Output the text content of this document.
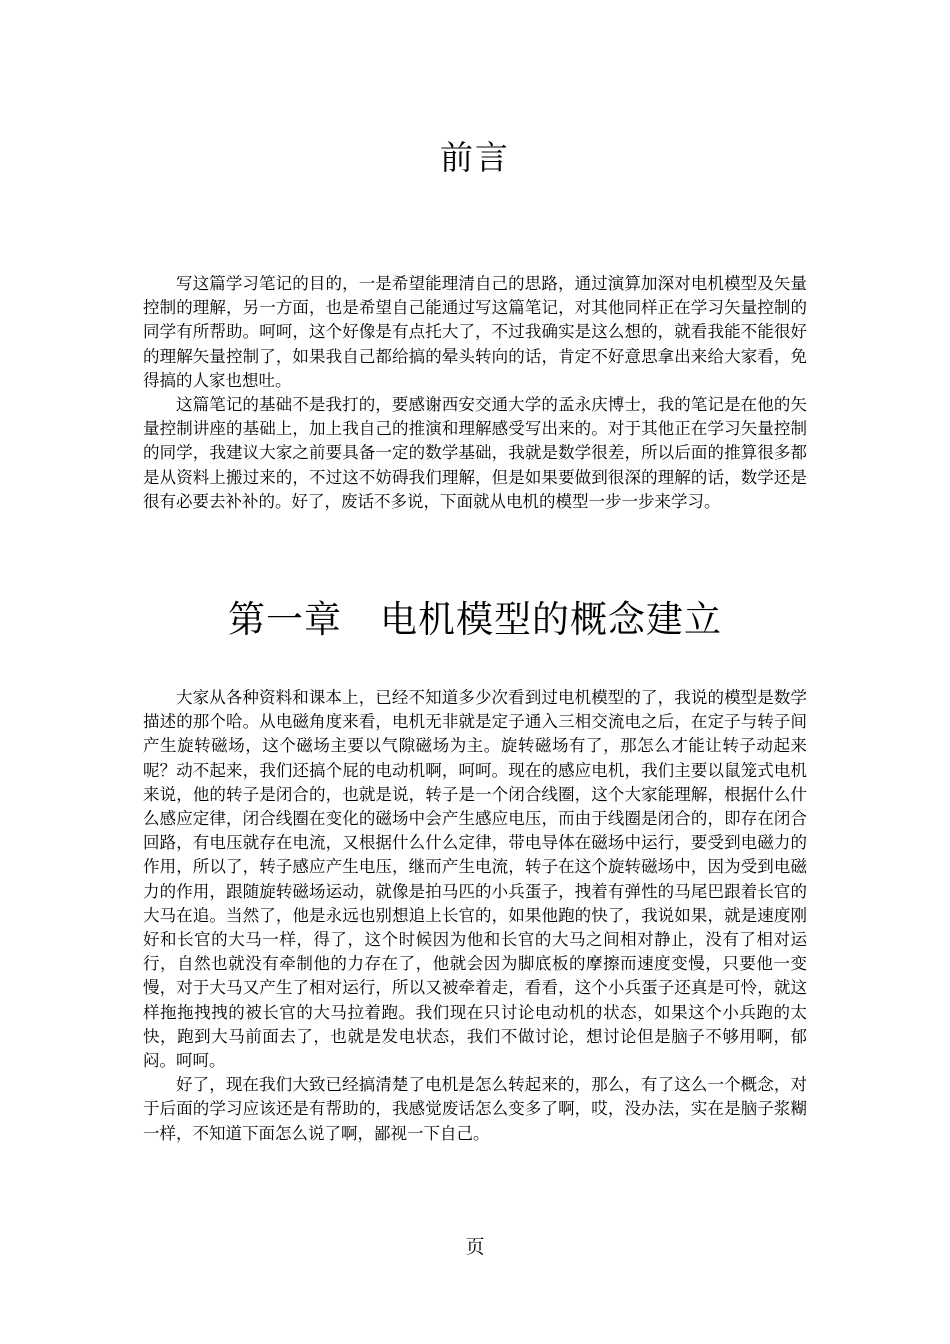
前言

写这篇学习笔记的目的，一是希望能理清自己的思路，通过演算加深对电机模型及矢量控制的理解，另一方面，也是希望自己能通过写这篇笔记，对其他同样正在学习矢量控制的同学有所帮助。呵呵，这个好像是有点托大了，不过我确实是这么想的，就看我能不能很好的理解矢量控制了，如果我自己都给搞的晕头转向的话，肯定不好意思拿出来给大家看，免得搞的人家也想吐。

这篇笔记的基础不是我打的，要感谢西安交通大学的孟永庆博士，我的笔记是在他的矢量控制讲座的基础上，加上我自己的推演和理解感受写出来的。对于其他正在学习矢量控制的同学，我建议大家之前要具备一定的数学基础，我就是数学很差，所以后面的推算很多都是从资料上搬过来的，不过这不妨碍我们理解，但是如果要做到很深的理解的话，数学还是很有必要去补补的。好了，废话不多说，下面就从电机的模型一步一步来学习。

第一章　电机模型的概念建立

大家从各种资料和课本上，已经不知道多少次看到过电机模型的了，我说的模型是数学描述的那个哈。从电磁角度来看，电机无非就是定子通入三相交流电之后，在定子与转子间产生旋转磁场，这个磁场主要以气隙磁场为主。旋转磁场有了，那怎么才能让转子动起来呢？动不起来，我们还搞个屁的电动机啊，呵呵。现在的感应电机，我们主要以鼠笼式电机来说，他的转子是闭合的，也就是说，转子是一个闭合线圈，这个大家能理解，根据什么什么感应定律，闭合线圈在变化的磁场中会产生感应电压，而由于线圈是闭合的，即存在闭合回路，有电压就存在电流，又根据什么什么定律，带电导体在磁场中运行，要受到电磁力的作用，所以了，转子感应产生电压，继而产生电流，转子在这个旋转磁场中，因为受到电磁力的作用，跟随旋转磁场运动，就像是拍马匹的小兵蛋子，拽着有弹性的马尾巴跟着长官的大马在追。当然了，他是永远也别想追上长官的，如果他跑的快了，我说如果，就是速度刚好和长官的大马一样，得了，这个时候因为他和长官的大马之间相对静止，没有了相对运行，自然也就没有牵制他的力存在了，他就会因为脚底板的摩擦而速度变慢，只要他一变慢，对于大马又产生了相对运行，所以又被牵着走，看看，这个小兵蛋子还真是可怜，就这样拖拖拽拽的被长官的大马拉着跑。我们现在只讨论电动机的状态，如果这个小兵跑的太快，跑到大马前面去了，也就是发电状态，我们不做讨论，想讨论但是脑子不够用啊，郁闷。呵呵。

好了，现在我们大致已经搞清楚了电机是怎么转起来的，那么，有了这么一个概念，对于后面的学习应该还是有帮助的，我感觉废话怎么变多了啊，哎，没办法，实在是脑子浆糊一样，不知道下面怎么说了啊，鄙视一下自己。

页
